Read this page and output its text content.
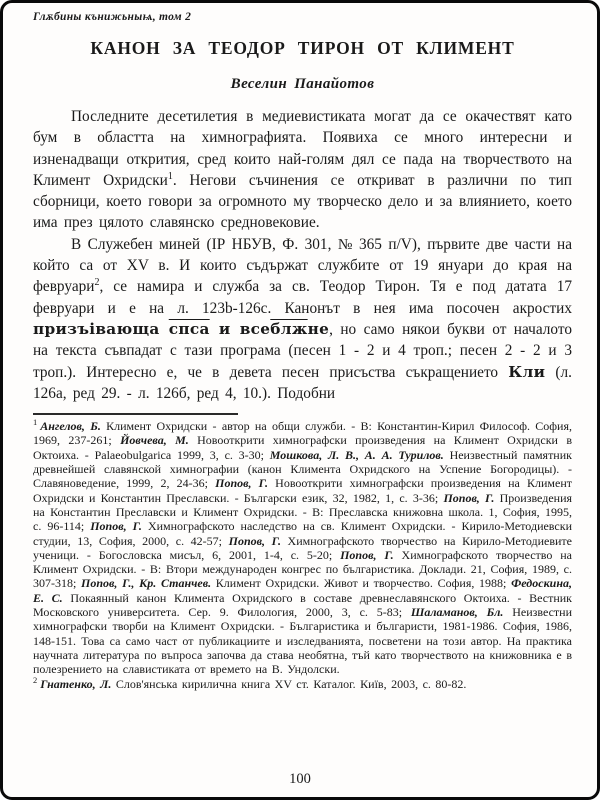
Глѫбины кънижьныѩ, том 2
КАНОН ЗА ТЕОДОР ТИРОН ОТ КЛИМЕНТ
Веселин Панайотов

Последните десетилетия в медиевистиката могат да се окачествят като бум в областта на химнографията. Появиха се много интересни и изненадващи открития, сред които най-голям дял се пада на творчеството на Климент Охридски$^1$. Негови съчинения се откриват в различни по тип сборници, което говори за огромното му творческо дело и за влиянието, което има през цялото славянско средновековие.

В Служебен миней (ІР НБУВ, Ф. 301, № 365 п/V), първите две части на който са от XV в. И които съдържат службите от 19 януари до края на февруари$^2$, се намира и служба за св. Теодор Тирон. Тя е под датата 17 февруари и е на л. 123b-126c. Канонът в нея има посочен акростих призъівающа спса и всеблжне, но само някои букви от началото на текста съвпадат с тази програма (песен 1 - 2 и 4 троп.; песен 2 - 2 и 3 троп.). Интересно е, че в девета песен присъства съкращението Кли (л. 126а, ред 29. - л. 126б, ред 4, 10.). Подобни

$^1$ Ангелов, Б. Климент Охридски - автор на общи служби. - В: Константин-Кирил Философ. София, 1969, 237-261; Йовчева, М. Новооткрити химнографски произведения на Климент Охридски в Октоиха. - Palaeobulgarica 1999, 3, с. 3-30; Мошкова, Л. В., А. А. Турилов. Неизвестный памятник древнейшей славянской химнографии (канон Климента Охридского на Успение Богородицы). - Славяноведение, 1999, 2, 24-36; Попов, Г. Новооткрити химнографски произведения на Климент Охридски и Константин Преславски. - Български език, 32, 1982, 1, с. 3-36; Попов, Г. Произведения на Константин Преславски и Климент Охридски. - В: Преславска книжовна школа. 1, София, 1995, с. 96-114; Попов, Г. Химнографското наследство на св. Климент Охридски. - Кирило-Методиевски студии, 13, София, 2000, с. 42-57; Попов, Г. Химнографското творчество на Кирило-Методиевите ученици. - Богословска мисъл, 6, 2001, 1-4, с. 5-20; Попов, Г. Химнографското творчество на Климент Охридски. - В: Втори международен конгрес по българистика. Доклади. 21, София, 1989, с. 307-318; Попов, Г., Кр. Станчев. Климент Охридски. Живот и творчество. София, 1988; Федоскина, Е. С. Покаянный канон Климента Охридского в составе древнеславянского Октоиха. - Вестник Московского университета. Сер. 9. Филология, 2000, 3, с. 5-83; Шаламанов, Бл. Неизвестни химнографски творби на Климент Охридски. - Българистика и българисти, 1981-1986. София, 1986, 148-151. Това са само част от публикациите и изследванията, посветени на този автор. На практика научната литература по въпроса започва да става необятна, тъй като творчеството на книжовника е в полезрението на славистиката от времето на В. Ундолски.

$^2$ Гнатенко, Л. Слов'янська кирилична книга XV ст. Каталог. Київ, 2003, с. 80-82.

100
